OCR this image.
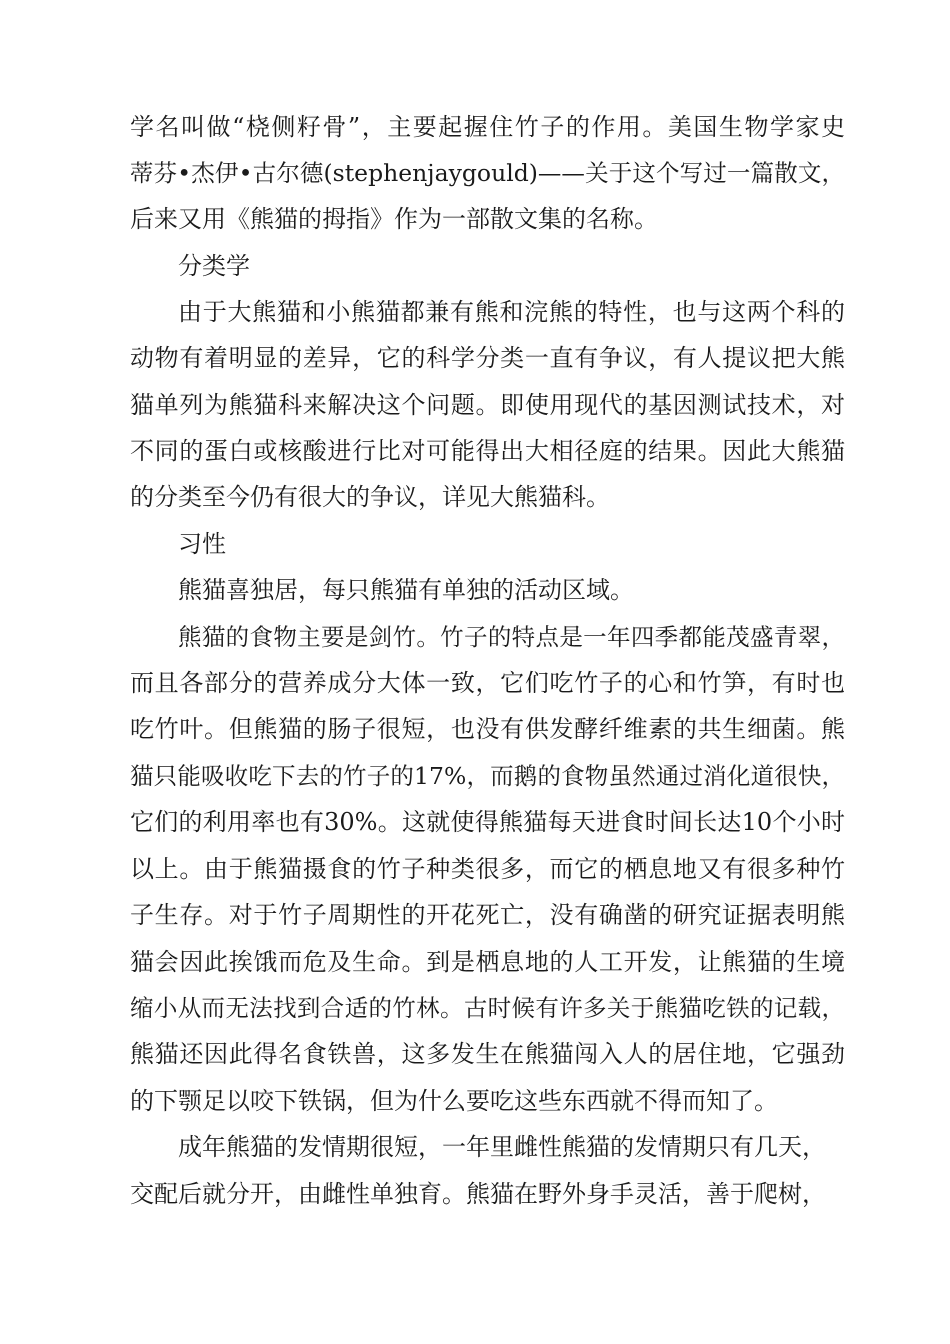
学名叫做“桡侧籽骨”，主要起握住竹子的作用。美国生物学家史
蒂芬•杰伊•古尔德(stephenjaygould)——关于这个写过一篇散文，
后来又用《熊猫的拇指》作为一部散文集的名称。
分类学
由于大熊猫和小熊猫都兼有熊和浣熊的特性，也与这两个科的
动物有着明显的差异，它的科学分类一直有争议，有人提议把大熊
猫单列为熊猫科来解决这个问题。即使用现代的基因测试技术，对
不同的蛋白或核酸进行比对可能得出大相径庭的结果。因此大熊猫
的分类至今仍有很大的争议，详见大熊猫科。
习性
熊猫喜独居，每只熊猫有单独的活动区域。
熊猫的食物主要是剑竹。竹子的特点是一年四季都能茂盛青翠，
而且各部分的营养成分大体一致，它们吃竹子的心和竹笋，有时也
吃竹叶。但熊猫的肠子很短，也没有供发酵纤维素的共生细菌。熊
猫只能吸收吃下去的竹子的17%，而鹅的食物虽然通过消化道很快，
它们的利用率也有30%。这就使得熊猫每天进食时间长达10个小时
以上。由于熊猫摄食的竹子种类很多，而它的栖息地又有很多种竹
子生存。对于竹子周期性的开花死亡，没有确凿的研究证据表明熊
猫会因此挨饿而危及生命。到是栖息地的人工开发，让熊猫的生境
缩小从而无法找到合适的竹林。古时候有许多关于熊猫吃铁的记载，
熊猫还因此得名食铁兽，这多发生在熊猫闯入人的居住地，它强劲
的下颚足以咬下铁锅，但为什么要吃这些东西就不得而知了。
成年熊猫的发情期很短，一年里雌性熊猫的发情期只有几天，
交配后就分开，由雌性单独育。熊猫在野外身手灵活，善于爬树，
